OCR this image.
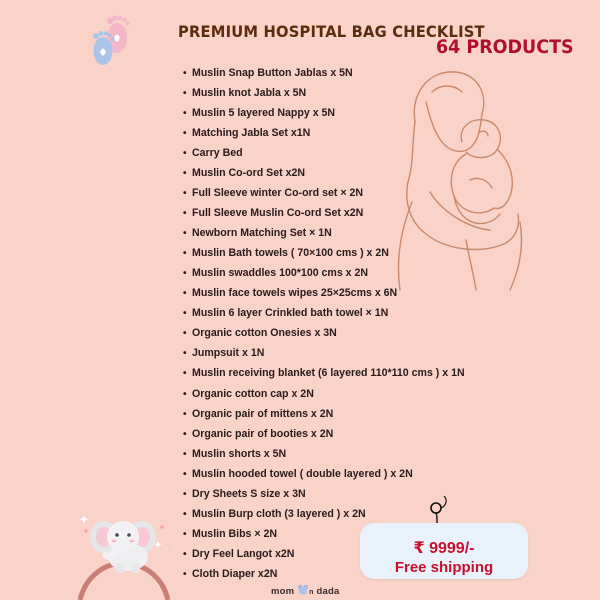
PREMIUM HOSPITAL BAG CHECKLIST
64 PRODUCTS
• Muslin Snap Button Jablas x 5N
• Muslin knot Jabla x 5N
• Muslin 5 layered Nappy x 5N
• Matching Jabla Set x1N
• Carry Bed
• Muslin Co-ord Set x2N
• Full Sleeve winter Co-ord set × 2N
• Full Sleeve Muslin Co-ord Set x2N
• Newborn Matching Set × 1N
• Muslin Bath towels ( 70×100 cms ) x 2N
• Muslin swaddles 100*100 cms x 2N
• Muslin face towels wipes 25×25cms x 6N
• Muslin 6 layer Crinkled bath towel × 1N
• Organic cotton Onesies x 3N
• Jumpsuit x 1N
• Muslin receiving blanket (6 layered 110*110 cms ) x 1N
• Organic cotton cap x 2N
• Organic pair of mittens x 2N
• Organic pair of booties x 2N
• Muslin shorts x 5N
• Muslin hooded towel ( double layered ) x 2N
• Dry Sheets S size x 3N
• Muslin Burp cloth (3 layered ) x 2N
• Muslin Bibs × 2N
• Dry Feel Langot x2N
• Cloth Diaper x2N
₹ 9999/-
Free shipping
mom n dada
